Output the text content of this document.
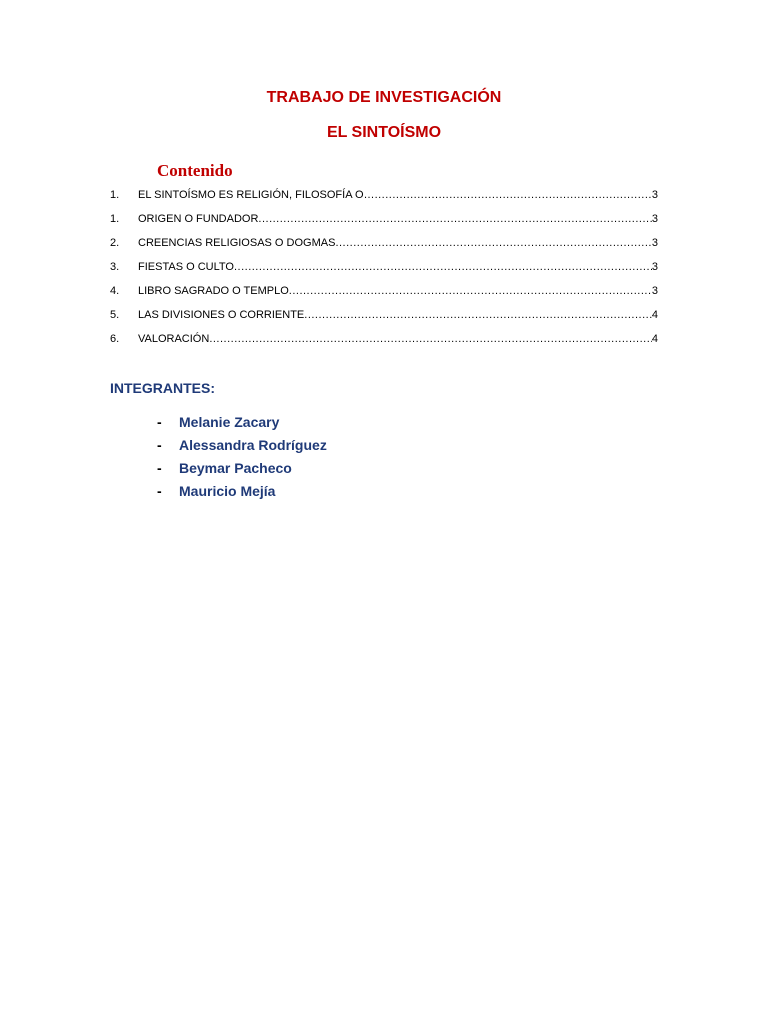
TRABAJO DE INVESTIGACIÓN
EL SINTOÍSMO
Contenido
1.	EL SINTOÍSMO ES RELIGIÓN, FILOSOFÍA O… .....	3
1.	ORIGEN O FUNDADOR .....	3
2.	CREENCIAS RELIGIOSAS O DOGMAS .....	3
3.	FIESTAS O CULTO .....	3
4.	LIBRO SAGRADO O TEMPLO .....	3
5.	LAS DIVISIONES O CORRIENTE .....	4
6.	VALORACIÓN .....	4
INTEGRANTES:
- Melanie Zacary
- Alessandra Rodríguez
- Beymar Pacheco
- Mauricio Mejía
